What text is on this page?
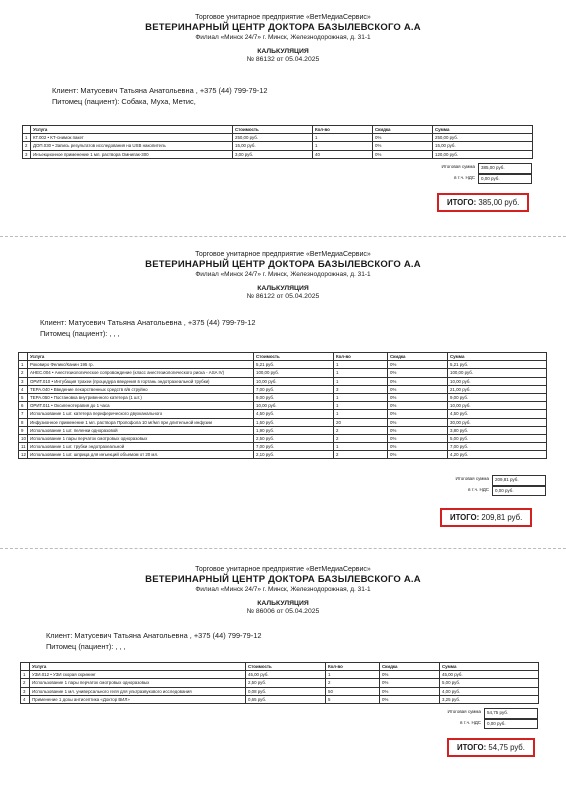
Торговое унитарное предприятие «ВетМедиаСервис»
ВЕТЕРИНАРНЫЙ ЦЕНТР ДОКТОРА БАЗЫЛЕВСКОГО А.А
Филиал «Минск 24/7» г. Минск, Железнодорожная, д. 31-1
КАЛЬКУЛЯЦИЯ
№ 86132 от 05.04.2025
Клиент: Матусевич Татьяна Анатольевна , +375 (44) 799-79-12
Питомец (пациент): Собака, Муха, Метис,
	Услуга	Стоимость	Кол-во	Скидка	Сумма
1	КТ.002 • КТ-снимок пакет	250,00 руб.	1	0%	250,00 руб.
2	ДОП.030 • Запись результатов исследования на USB накопитель	15,00 руб.	1	0%	15,00 руб.
3	Инъекционное применение 1 мл. раствора Омнипак-300	3,00 руб.	40	0%	120,00 руб.
Итоговая сумма	385,00 руб.
в т.ч. НДС	0,00 руб.
ИТОГО: 385,00 руб.
Торговое унитарное предприятие «ВетМедиаСервис»
ВЕТЕРИНАРНЫЙ ЦЕНТР ДОКТОРА БАЗЫЛЕВСКОГО А.А
Филиал «Минск 24/7» г. Минск, Железнодорожная, д. 31-1
КАЛЬКУЛЯЦИЯ
№ 86122 от 05.04.2025
Клиент: Матусевич Татьяна Анатольевна , +375 (44) 799-79-12
Питомец (пациент): , , ,
	Услуга	Стоимость	Кол-во	Скидка	Сумма
1	Роковиро Феликс/Канин 195 гр.	5,21 руб.	1	0%	5,21 руб.
2	АНЕС.004 • Анестезиологическое сопровождение (класс анестезиологического риска - ASA IV)	100,00 руб.	1	0%	100,00 руб.
3	ОРИТ.010 • Интубация трахеи (процедура введения в гортань эндотрахеальной трубки)	10,00 руб.	1	0%	10,00 руб.
4	ТЕРА.040 • Введение лекарственных средств в/в струйно	7,00 руб.	3	0%	21,00 руб.
5	ТЕРА.050 • Постановка внутривенного катетера (1 шт.)	9,00 руб.	1	0%	9,00 руб.
6	ОРИТ.011 • Оксигенотерапия до 1 часа	10,00 руб.	1	0%	10,00 руб.
7	Использование 1 шт. катетера периферического двухканального	4,50 руб.	1	0%	4,50 руб.
8	Инфузионное применение 1 мл. раствора Пропофола 10 мг/мл при длительной инфузии	1,50 руб.	20	0%	30,00 руб.
9	Использование 1 шт. пеленки одноразовой	1,90 руб.	2	0%	3,80 руб.
10	Использование 1 пары перчаток смотровых одноразовых	2,50 руб.	2	0%	5,00 руб.
11	Использование 1 шт. трубки эндотрахеальной	7,00 руб.	1	0%	7,00 руб.
12	Использование 1 шт. шприца для инъекций объемом от 20 мл.	2,10 руб.	2	0%	4,20 руб.
Итоговая сумма	209,81 руб.
в т.ч. НДС	0,00 руб.
ИТОГО: 209,81 руб.
Торговое унитарное предприятие «ВетМедиаСервис»
ВЕТЕРИНАРНЫЙ ЦЕНТР ДОКТОРА БАЗЫЛЕВСКОГО А.А
Филиал «Минск 24/7» г. Минск, Железнодорожная, д. 31-1
КАЛЬКУЛЯЦИЯ
№ 86006 от 05.04.2025
Клиент: Матусевич Татьяна Анатольевна , +375 (44) 799-79-12
Питомец (пациент): , , ,
	Услуга	Стоимость	Кол-во	Скидка	Сумма
1	УЗИ.012 • УЗИ скорая скрининг	45,00 руб.	1	0%	45,00 руб.
2	Использование 1 пары перчаток смотровых одноразовых	2,50 руб.	2	0%	5,00 руб.
3	Использование 1 мл. универсального геля для ультразвукового исследования	0,08 руб.	50	0%	4,00 руб.
4	Применение 1 дозы антисептика «Доктор ВИЛ»	0,65 руб.	5	0%	3,25 руб.
Итоговая сумма	54,75 руб.
в т.ч. НДС	0,00 руб.
ИТОГО: 54,75 руб.
